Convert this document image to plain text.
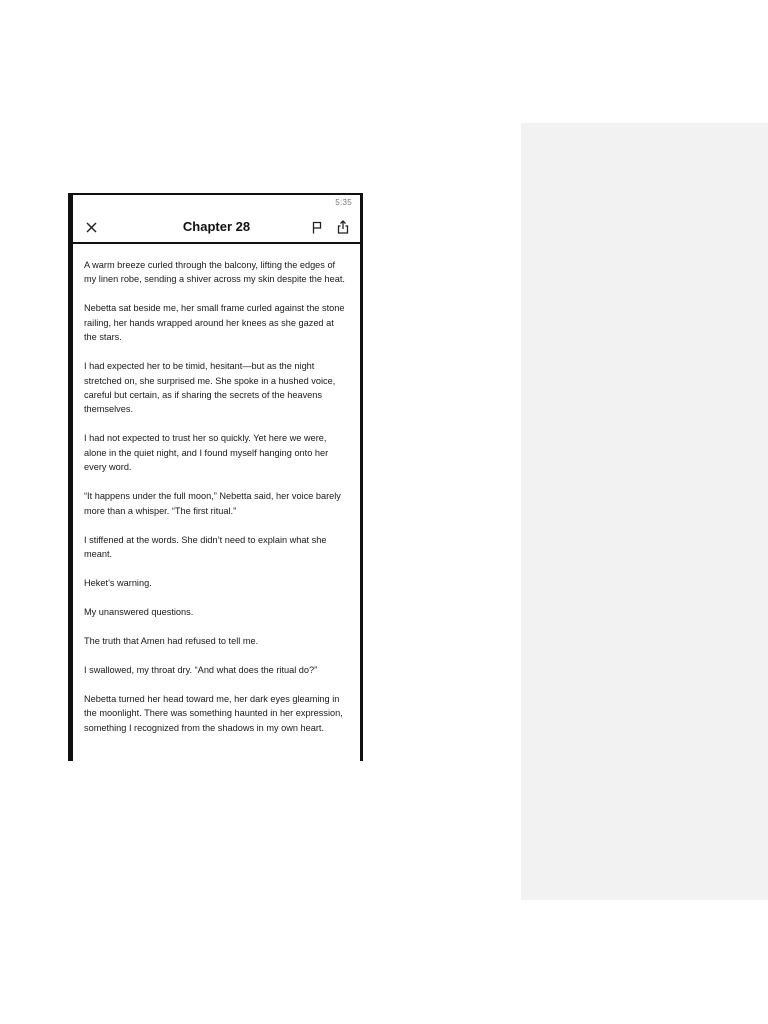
5:35
Chapter 28

A warm breeze curled through the balcony, lifting the edges of my linen robe, sending a shiver across my skin despite the heat.

Nebetta sat beside me, her small frame curled against the stone railing, her hands wrapped around her knees as she gazed at the stars.

I had expected her to be timid, hesitant—but as the night stretched on, she surprised me. She spoke in a hushed voice, careful but certain, as if sharing the secrets of the heavens themselves.

I had not expected to trust her so quickly. Yet here we were, alone in the quiet night, and I found myself hanging onto her every word.

“It happens under the full moon,” Nebetta said, her voice barely more than a whisper. “The first ritual.”

I stiffened at the words. She didn’t need to explain what she meant.

Heket’s warning.

My unanswered questions.

The truth that Amen had refused to tell me.

I swallowed, my throat dry. “And what does the ritual do?”

Nebetta turned her head toward me, her dark eyes gleaming in the moonlight. There was something haunted in her expression, something I recognized from the shadows in my own heart.
